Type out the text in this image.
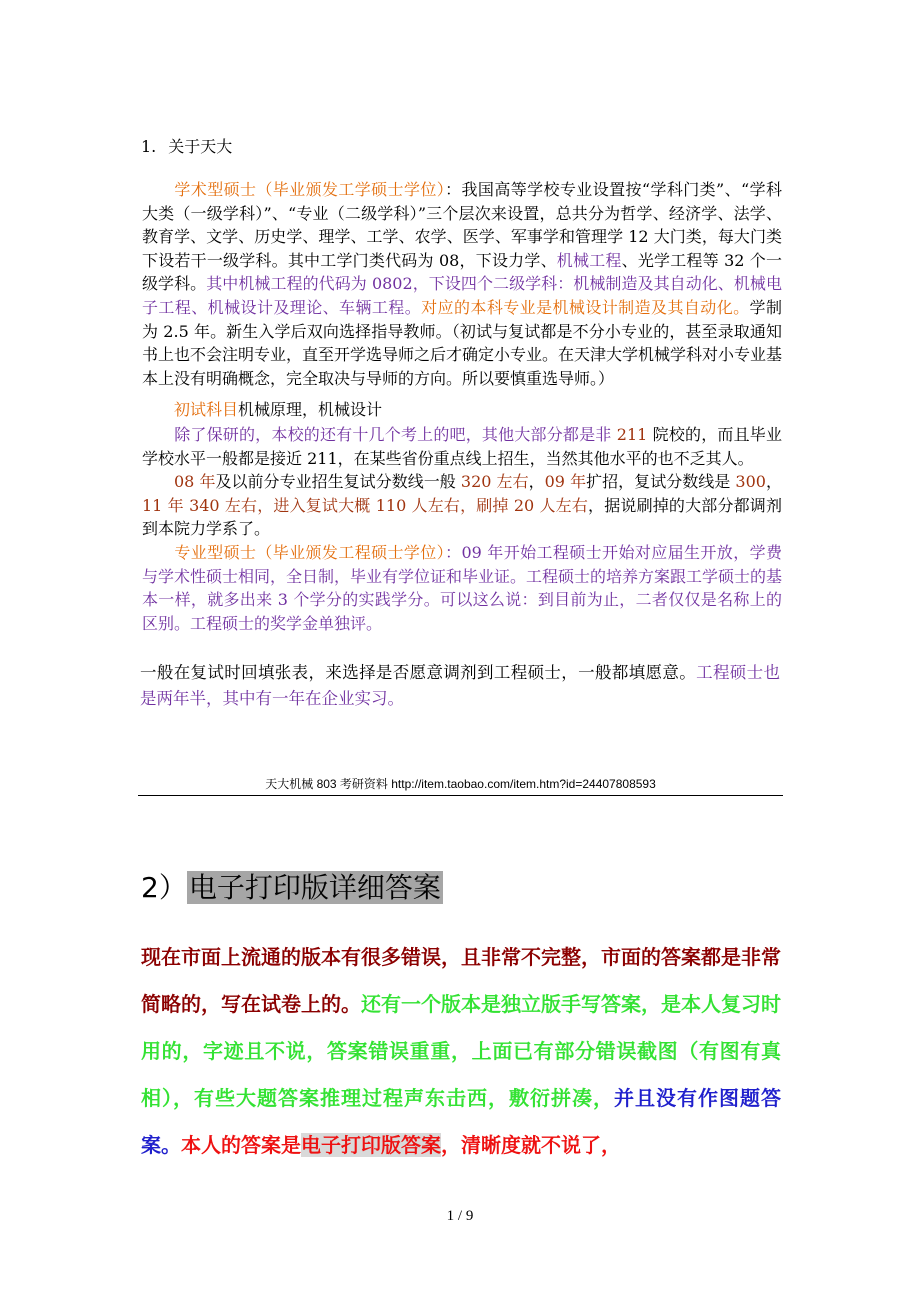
1. 关于天大
学术型硕士（毕业颁发工学硕士学位）：我国高等学校专业设置按“学科门类”、“学科大类（一级学科）”、“专业（二级学科）”三个层次来设置，总共分为哲学、经济学、法学、教育学、文学、历史学、理学、工学、农学、医学、军事学和管理学 12 大门类，每大门类下设若干一级学科。其中工学门类代码为 08，下设力学、机械工程、光学工程等 32 个一级学科。其中机械工程的代码为 0802，下设四个二级学科：机械制造及其自动化、机械电子工程、机械设计及理论、车辆工程。对应的本科专业是机械设计制造及其自动化。学制为 2.5 年。新生入学后双向选择指导教师。（初试与复试都是不分小专业的，甚至录取通知书上也不会注明专业，直至开学选导师之后才确定小专业。在天津大学机械学科对小专业基本上没有明确概念，完全取决与导师的方向。所以要慎重选导师。）
初试科目机械原理，机械设计
除了保研的，本校的还有十几个考上的吧，其他大部分都是非 211 院校的，而且毕业学校水平一般都是接近 211，在某些省份重点线上招生，当然其他水平的也不乏其人。
08 年及以前分专业招生复试分数线一般 320 左右，09 年扩招，复试分数线是 300，11 年 340 左右，进入复试大概 110 人左右，刷掉 20 人左右，据说刷掉的大部分都调剂到本院力学系了。
专业型硕士（毕业颁发工程硕士学位）：09 年开始工程硕士开始对应届生开放，学费与学术性硕士相同，全日制，毕业有学位证和毕业证。工程硕士的培养方案跟工学硕士的基本一样，就多出来 3 个学分的实践学分。可以这么说：到目前为止，二者仅仅是名称上的区别。工程硕士的奖学金单独评。
一般在复试时回填张表，来选择是否愿意调剂到工程硕士，一般都填愿意。工程硕士也是两年半，其中有一年在企业实习。
天大机械 803 考研资料 http://item.taobao.com/item.htm?id=24407808593
2）电子打印版详细答案
现在市面上流通的版本有很多错误，且非常不完整，市面的答案都是非常简略的，写在试卷上的。还有一个版本是独立版手写答案，是本人复习时用的，字迹且不说，答案错误重重，上面已有部分错误截图（有图有真相），有些大题答案推理过程声东击西，敷衍拼凑，并且没有作图题答案。本人的答案是电子打印版答案，清晰度就不说了，
1 / 9
